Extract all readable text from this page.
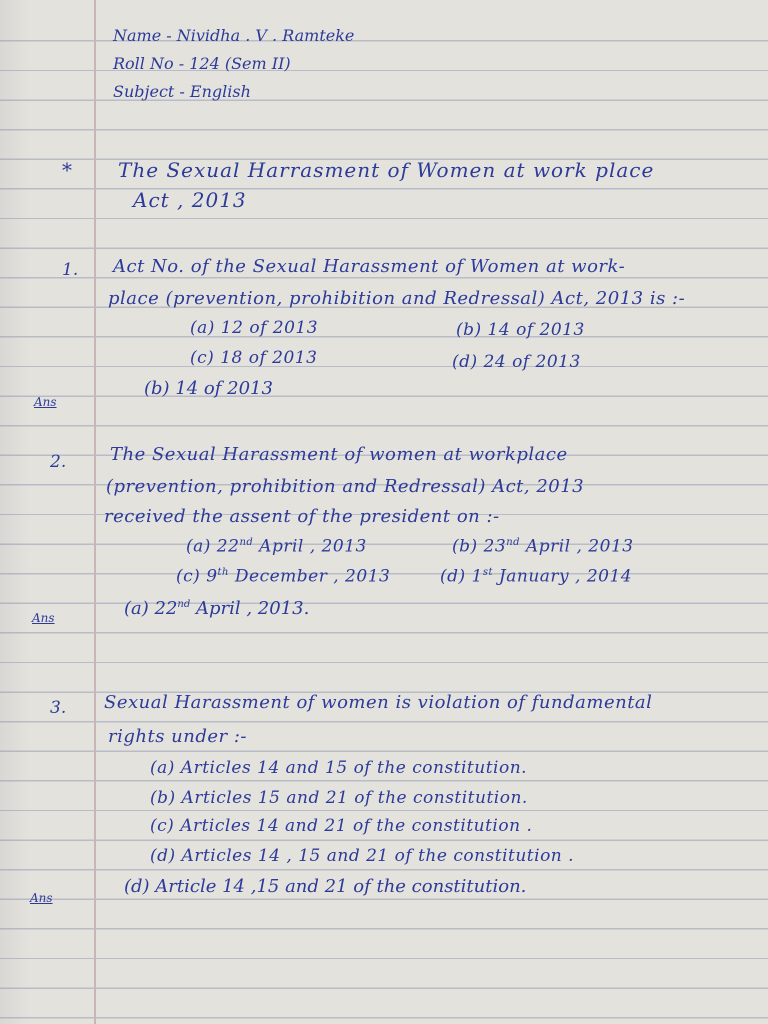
Name - Nividha . V . Ramteke
Roll No - 124 (Sem II)
Subject - English
* The Sexual Harrasment of Women at work place
Act , 2013
1. Act No. of the Sexual Harassment of Women at work-
place (prevention, prohibition and Redressal) Act, 2013 is :-
(a) 12 of 2013	(b) 14 of 2013
(c) 18 of 2013	(d) 24 of 2013
Ans
(b) 14 of 2013
2. The Sexual Harassment of women at workplace
(prevention, prohibition and Redressal) Act, 2013
received the assent of the president on :-
(a) 22nd April , 2013	(b) 23nd April , 2013
(c) 9th December , 2013	(d) 1st January , 2014
Ans	(a) 22nd April , 2013.
3. Sexual Harassment of women is violation of fundamental
rights under :-
(a) Articles 14 and 15 of the constitution.
(b) Articles 15 and 21 of the constitution.
(c) Articles 14 and 21 of the constitution .
(d) Articles 14 , 15 and 21 of the constitution .
Ans
(d) Article 14 ,15 and 21 of the constitution.
